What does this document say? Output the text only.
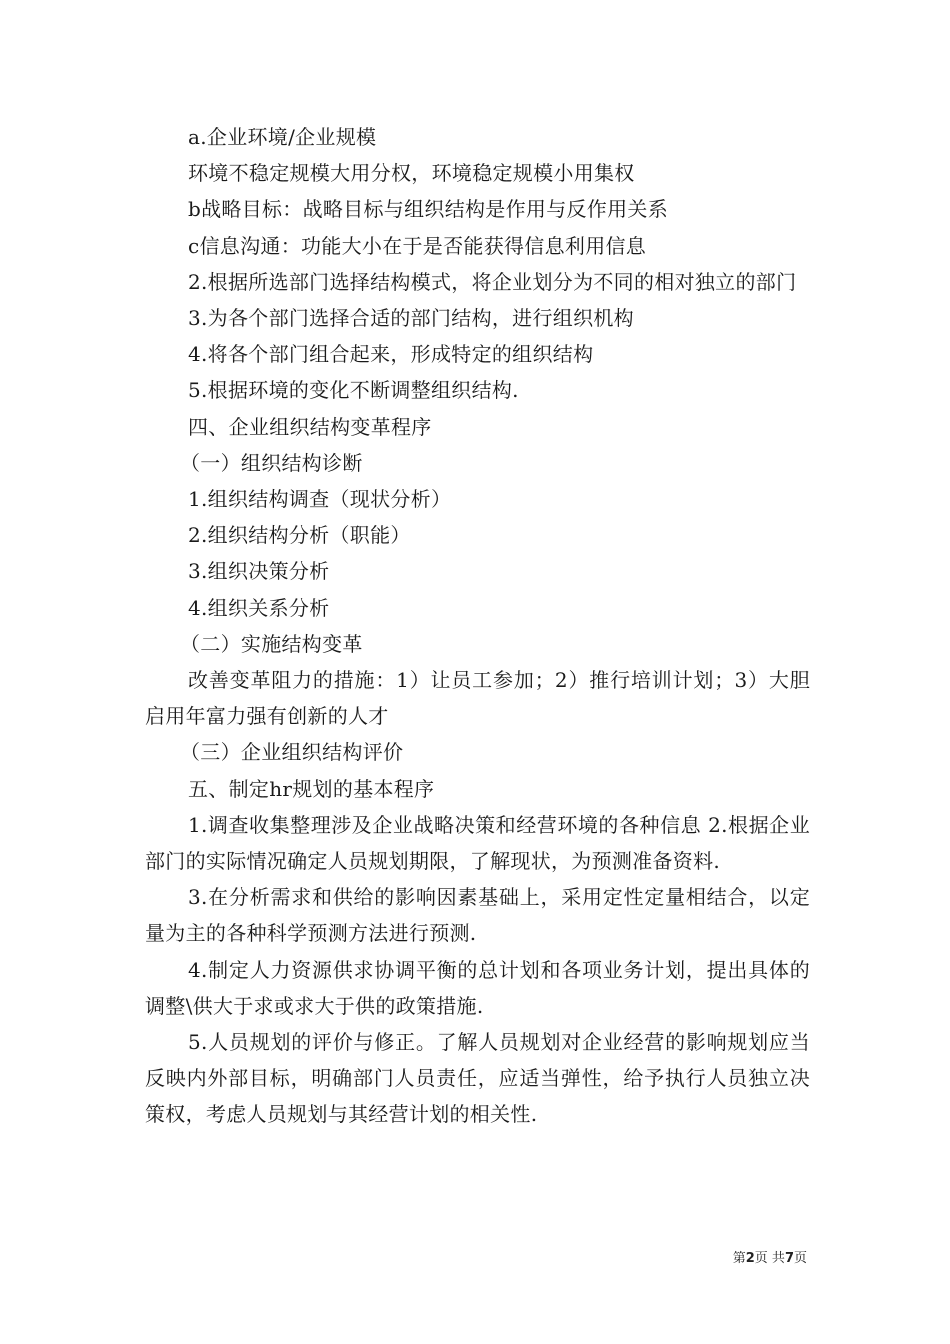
a.企业环境/企业规模

环境不稳定规模大用分权，环境稳定规模小用集权

b战略目标：战略目标与组织结构是作用与反作用关系

c信息沟通：功能大小在于是否能获得信息利用信息

2.根据所选部门选择结构模式，将企业划分为不同的相对独立的部门

3.为各个部门选择合适的部门结构，进行组织机构

4.将各个部门组合起来，形成特定的组织结构

5.根据环境的变化不断调整组织结构.

四、企业组织结构变革程序

（一）组织结构诊断

1.组织结构调查（现状分析）

2.组织结构分析（职能）

3.组织决策分析

4.组织关系分析

（二）实施结构变革

改善变革阻力的措施：1）让员工参加；2）推行培训计划；3）大胆启用年富力强有创新的人才

（三）企业组织结构评价

五、制定hr规划的基本程序

1.调查收集整理涉及企业战略决策和经营环境的各种信息 2.根据企业部门的实际情况确定人员规划期限，了解现状，为预测准备资料.

3.在分析需求和供给的影响因素基础上，采用定性定量相结合，以定量为主的各种科学预测方法进行预测.

4.制定人力资源供求协调平衡的总计划和各项业务计划，提出具体的调整\供大于求或求大于供的政策措施.

5.人员规划的评价与修正。了解人员规划对企业经营的影响规划应当反映内外部目标，明确部门人员责任，应适当弹性，给予执行人员独立决策权，考虑人员规划与其经营计划的相关性.

第2页 共7页
